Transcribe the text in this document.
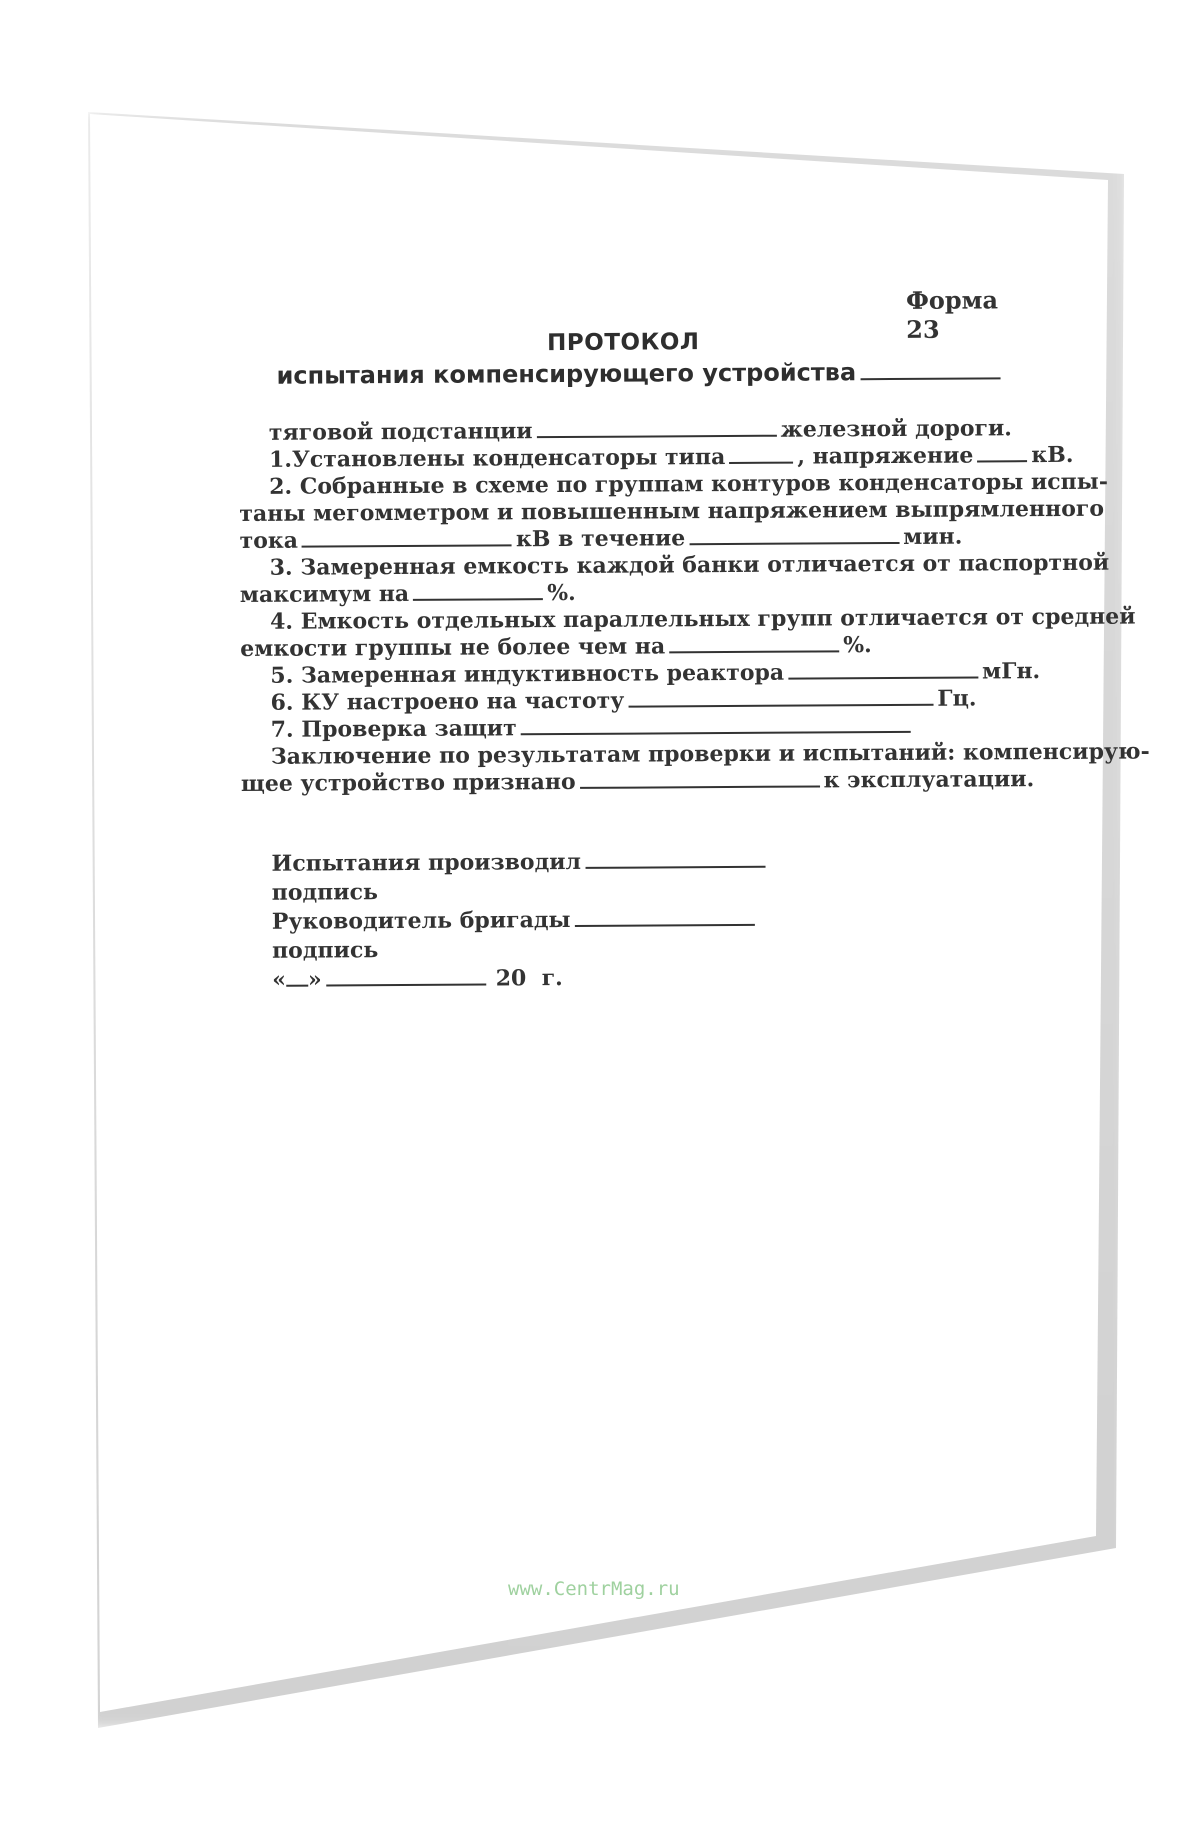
Форма 23
ПРОТОКОЛ
испытания компенсирующего устройства
тяговой подстанции	железной дороги.
1.Установлены конденсаторы типа	, напряжение	кВ.
2. Собранные в схеме по группам контуров конденсаторы испы-
таны мегомметром и повышенным напряжением выпрямленного
тока	кВ в течение	мин.
3. Замеренная емкость каждой банки отличается от паспортной
максимум на	%.
4. Емкость отдельных параллельных групп отличается от средней
емкости группы не более чем на	%.
5. Замеренная индуктивность реактора	мГн.
6. КУ настроено на частоту	Гц.
7. Проверка защит
Заключение по результатам проверки и испытаний: компенсирую-
щее устройство признано	к эксплуатации.
Испытания производил
подпись
Руководитель бригады
подпись
« »	20 г.
www.CentrMag.ru
